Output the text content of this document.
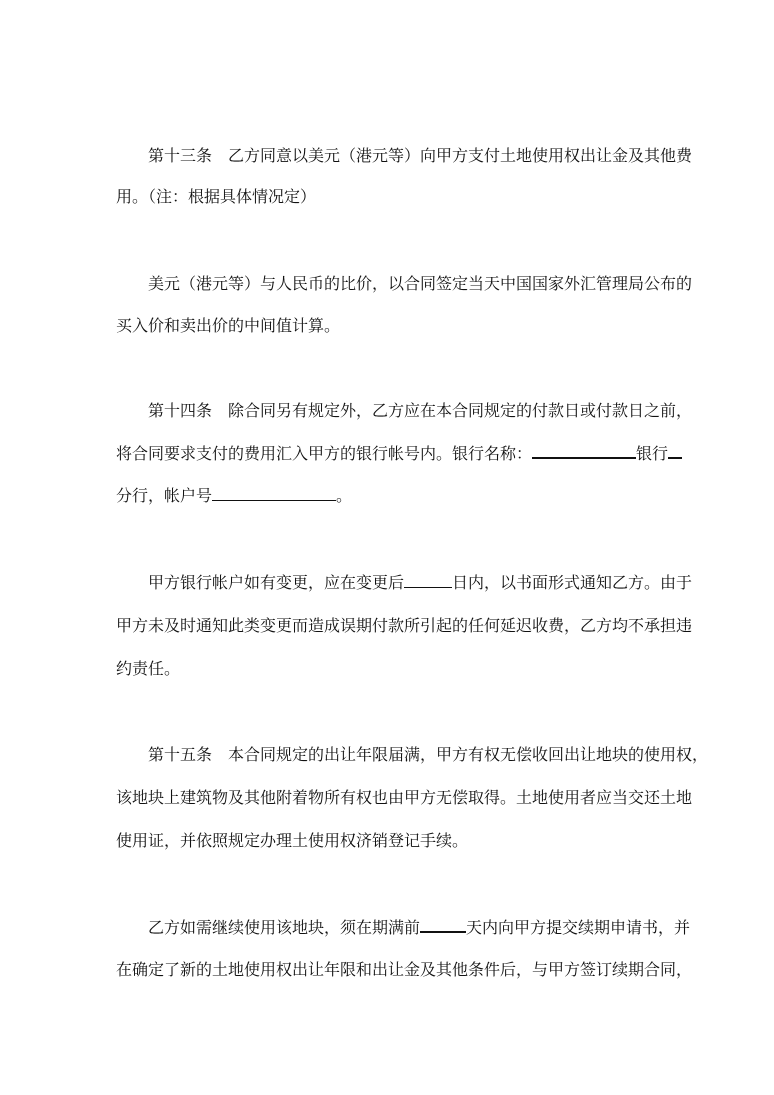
第十三条 乙方同意以美元（港元等）向甲方支付土地使用权出让金及其他费
用。（注：根据具体情况定）
美元（港元等）与人民币的比价，以合同签定当天中国国家外汇管理局公布的
买入价和卖出价的中间值计算。
第十四条 除合同另有规定外，乙方应在本合同规定的付款日或付款日之前，
将合同要求支付的费用汇入甲方的银行帐号内。银行名称：	银行
分行，帐户号	。
甲方银行帐户如有变更，应在变更后	日内，以书面形式通知乙方。由于
甲方未及时通知此类变更而造成误期付款所引起的任何延迟收费，乙方均不承担违
约责任。
第十五条 本合同规定的出让年限届满，甲方有权无偿收回出让地块的使用权，
该地块上建筑物及其他附着物所有权也由甲方无偿取得。土地使用者应当交还土地
使用证，并依照规定办理土使用权济销登记手续。
乙方如需继续使用该地块，须在期满前	天内向甲方提交续期申请书，并
在确定了新的土地使用权出让年限和出让金及其他条件后，与甲方签订续期合同，
